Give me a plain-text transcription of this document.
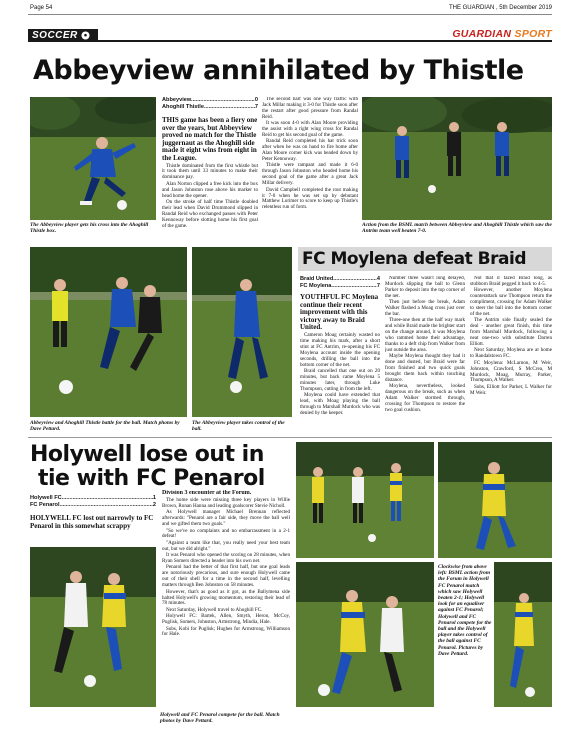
Page 54	THE GUARDIAN , 5th December 2019
SOCCER	GUARDIAN SPORT
Abbeyview annihilated by Thistle
The Abbeyview player gets his cross into the Ahoghill Thistle box.
Abbeyview .....	0
Ahoghill Thistle .....	7

THIS game has been a fiery one over the years, but Abbeyview proved no match for the Thistle juggernaut as the Ahoghill side made it eight wins from eight in the League.

Thistle dominated from the first whistle but it took them until 33 minutes to make their dominance pay.

Alan Norton clipped a free kick into the box and Jason Johnston rose above his marker to head home the opener.

On the stroke of half time Thistle doubled their lead when David Drummond slipped in Randal Reid who exchanged passes with Peter Kennoway before slotting home his first goal of the game.

The second half was one way traffic with Jack Millar making it 3-0 for Thistle soon after the restart after good pressure from Randal Reid.

It was soon 4-0 with Alan Moore providing the assist with a right wing cross for Randal Reid to get his second goal of the game.

Randal Reid completed his hat trick soon after when he was on hand to fire home after Alan Moore corner kick was headed down by Peter Kennoway.

Thistle were rampant and made it 6-0 through Jason Johnston who headed home his second goal of the game after a great Jack Millar delivery.

David Campbell completed the rout making it 7-0 when he was set up by debutant Matthew Lorimer to score to keep up Thistle's relentless run of form.

Action from the BSML match between Abbeyview and Ahoghill Thistle which saw the Antrim team well beaten 7-0.
Abbeyview and Ahoghill Thistle battle for the ball. Match photos by Dave Pettard.
The Abbeyview player takes control of the ball.
FC Moylena defeat Braid
Braid United .....	4
FC Moylena .....	7

YOUTHFUL FC Moylena continue their recent improvement with this victory away to Braid United.

Cameron Moag certainly wasted no time making his mark, after a short stint at FC Antrim, re-opening his FC Moylena account inside the opening seconds, drilling the ball into the bottom corner of the net.

Braid cancelled that one out on 20 minutes, but back came Moylena 5 minutes later, through Luke Thompson, cutting in from the left.

Moylena could have extended that lead, with Moag playing the ball through to Marshall Murdock who was denied by the keeper.

Number three wasn't long delayed, Murdock slipping the ball to Glenn Parker to deposit into the top corner of the net.

Then just before the break, Adam Walker flashed a Moag cross just over the bar.

Three-one then at the half way mark and while Braid made the brighter start on the change around, it was Moylena who rammed home their advantage, thanks to a deft chip from Walker from just outside the area.

Maybe Moylena thought they had it done and dusted, but Braid were far from finished and two quick goals brought them back within touching distance.

Moylena, nevertheless, looked dangerous on the break, such as when Adam Walker stormed through, crossing for Thompson to restore the two goal cushion.

Not that it fazed Braid long, as stubborn Braid pegged it back to 4-5.

However, another Moylena counterattack saw Thompson return the compliment, crossing for Adam Walker to steer the ball into the bottom corner of the net.

The Antrim side finally sealed the deal - another great finish, this time from Marshall Murdock, following a neat one-two with substitute Darren Elliott.

Next Saturday, Moylena are at home to Randalstown FC.

FC Moylena: McLarnon, M Weir, Johnston, Crawford, S McCrea, M Murdock, Moag, Murray, Parker, Thompson, A Walker.

Subs, Elliott for Parker, L Walker for M Weir.

Holywell lose out in
tie with FC Penarol
Holywell FC .....	1
FC Penarol .....	2

HOLYWELL FC lost out narrowly to FC Penarol in this somewhat scrappy

Holywell and FC Penarol compete for the ball. Match photos by Dave Pettard.

Division 3 encounter at the Forum.

The home side were missing three key players in Willie Brown, Ronan Hanna and leading goalscorer Stevie Nicholl.

As Holywell manager Michael Brennan reflected afterwards: "Penarol are a fair side, they move the ball well and we gifted them two goals."

"So we've no complaints and no embarrassment in a 2-1 defeat!

"Against a team like that, you really need your best team out, but we did alright."

It was Penarol who opened the scoring on 28 minutes, when Ryan Somers directed a header into his own net.

Penarol had the better of that first half, but one goal leads are notoriously precarious, and sure enough Holywell came out of their shell for a time in the second half, levelling matters through Ben Johnston on 58 minutes.

However, that's as good as it got, as the Ballymena side halted Holywell's growing momentum, restoring their lead of 78 minutes.

Next Saturday, Holywell travel to Ahoghill FC.

Holywell FC: Bartek, Allen, Smyth, Heron, McCoy, Puglisk, Somers, Johnston, Armstrong, Mindia, Hale.

Subs, Kobi for Puglisk; Hughes for Armstrong, Williamson for Hale.

Clockwise from above left: BSML action from the Forum in Holywell FC Penarol match which saw Holywell beaten 2-1; Holywell look for an equaliser against FC Penarol; Holywell and FC Penarol compete for the ball and the Holywell player takes control of the ball against FC Penarol. Pictures by Dave Pettard.
